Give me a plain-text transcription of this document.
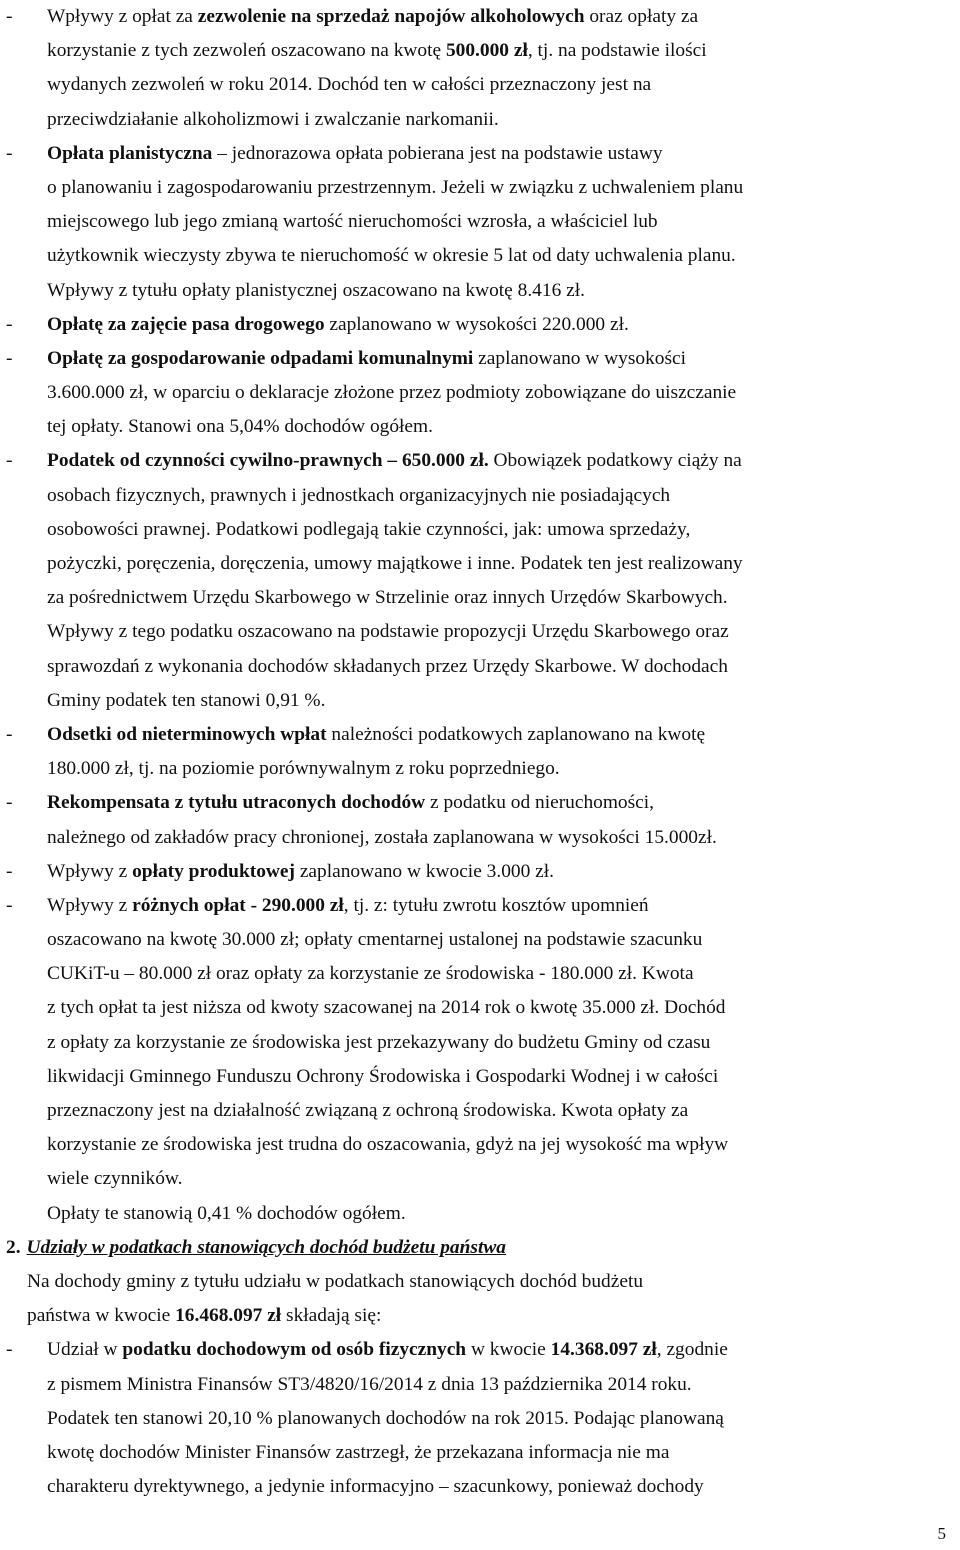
- Wpływy z opłat za zezwolenie na sprzedaż napojów alkoholowych oraz opłaty za
korzystanie z tych zezwoleń oszacowano na kwotę 500.000 zł, tj. na podstawie ilości
wydanych zezwoleń w roku 2014. Dochód ten w całości przeznaczony jest na
przeciwdziałanie alkoholizmowi i zwalczanie narkomanii.
- Opłata planistyczna – jednorazowa opłata pobierana jest na podstawie ustawy
o planowaniu i zagospodarowaniu przestrzennym. Jeżeli w związku z uchwaleniem planu
miejscowego lub jego zmianą wartość nieruchomości wzrosła, a właściciel lub
użytkownik wieczysty zbywa te nieruchomość w okresie 5 lat od daty uchwalenia planu.
Wpływy z tytułu opłaty planistycznej oszacowano na kwotę 8.416 zł.
- Opłatę za zajęcie pasa drogowego zaplanowano w wysokości 220.000 zł.
- Opłatę za gospodarowanie odpadami komunalnymi zaplanowano w wysokości
3.600.000 zł, w oparciu o deklaracje złożone przez podmioty zobowiązane do uiszczanie
tej opłaty. Stanowi ona 5,04% dochodów ogółem.
- Podatek od czynności cywilno-prawnych – 650.000 zł. Obowiązek podatkowy ciąży na
osobach fizycznych, prawnych i jednostkach organizacyjnych nie posiadających
osobowości prawnej. Podatkowi podlegają takie czynności, jak: umowa sprzedaży,
pożyczki, poręczenia, doręczenia, umowy majątkowe i inne. Podatek ten jest realizowany
za pośrednictwem Urzędu Skarbowego w Strzelinie oraz innych Urzędów Skarbowych.
Wpływy z tego podatku oszacowano na podstawie propozycji Urzędu Skarbowego oraz
sprawozdań z wykonania dochodów składanych przez Urzędy Skarbowe. W dochodach
Gminy podatek ten stanowi 0,91 %.
- Odsetki od nieterminowych wpłat należności podatkowych zaplanowano na kwotę
180.000 zł, tj. na poziomie porównywalnym z roku poprzedniego.
- Rekompensata z tytułu utraconych dochodów z podatku od nieruchomości,
należnego od zakładów pracy chronionej, została zaplanowana w wysokości 15.000zł.
- Wpływy z opłaty produktowej zaplanowano w kwocie 3.000 zł.
- Wpływy z różnych opłat - 290.000 zł, tj. z: tytułu zwrotu kosztów upomnień
oszacowano na kwotę 30.000 zł; opłaty cmentarnej ustalonej na podstawie szacunku
CUKiT-u – 80.000 zł oraz opłaty za korzystanie ze środowiska - 180.000 zł. Kwota
z tych opłat ta jest niższa od kwoty szacowanej na 2014 rok o kwotę 35.000 zł. Dochód
z opłaty za korzystanie ze środowiska jest przekazywany do budżetu Gminy od czasu
likwidacji Gminnego Funduszu Ochrony Środowiska i Gospodarki Wodnej i w całości
przeznaczony jest na działalność związaną z ochroną środowiska. Kwota opłaty za
korzystanie ze środowiska jest trudna do oszacowania, gdyż na jej wysokość ma wpływ
wiele czynników.
Opłaty te stanowią 0,41 % dochodów ogółem.
2. Udziały w podatkach stanowiących dochód budżetu państwa
Na dochody gminy z tytułu udziału w podatkach stanowiących dochód budżetu
państwa w kwocie 16.468.097 zł składają się:
- Udział w podatku dochodowym od osób fizycznych w kwocie 14.368.097 zł, zgodnie
z pismem Ministra Finansów ST3/4820/16/2014 z dnia 13 października 2014 roku.
Podatek ten stanowi 20,10 % planowanych dochodów na rok 2015. Podając planowaną
kwotę dochodów Minister Finansów zastrzegł, że przekazana informacja nie ma
charakteru dyrektywnego, a jedynie informacyjno – szacunkowy, ponieważ dochody
5
